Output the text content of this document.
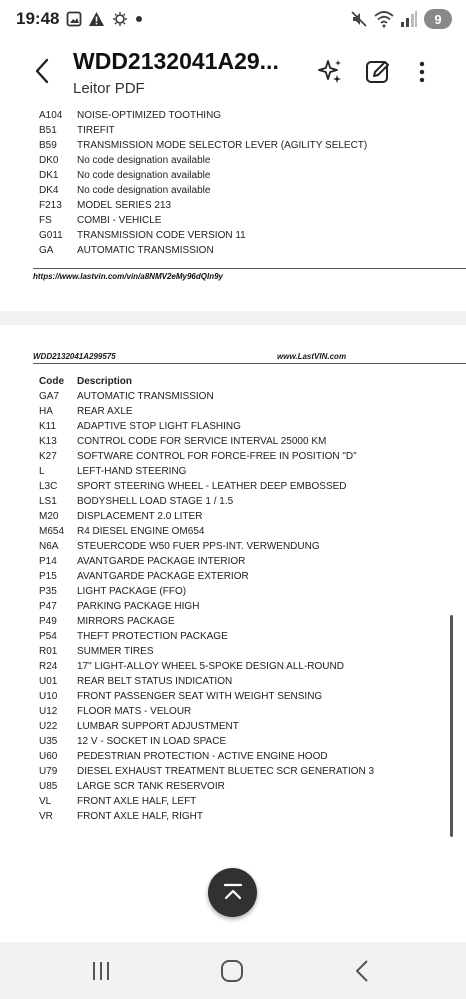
19:48	9
WDD2132041A29...
Leitor PDF
A104 NOISE-OPTIMIZED TOOTHING
B51 TIREFIT
B59 TRANSMISSION MODE SELECTOR LEVER (AGILITY SELECT)
DK0 No code designation available
DK1 No code designation available
DK4 No code designation available
F213 MODEL SERIES 213
FS	COMBI - VEHICLE
G011 TRANSMISSION CODE VERSION 11
GA AUTOMATIC TRANSMISSION
https://www.lastvin.com/vin/a8NMV2eMy96dQln9y
WDD2132041A299575	www.LastVIN.com
Code Description
GA7 AUTOMATIC TRANSMISSION
HA REAR AXLE
K11 ADAPTIVE STOP LIGHT FLASHING
K13 CONTROL CODE FOR SERVICE INTERVAL 25000 KM
K27 SOFTWARE CONTROL FOR FORCE-FREE IN POSITION "D"
L	LEFT-HAND STEERING
L3C SPORT STEERING WHEEL - LEATHER DEEP EMBOSSED
LS1 BODYSHELL LOAD STAGE 1 / 1.5
M20 DISPLACEMENT 2.0 LITER
M654 R4 DIESEL ENGINE OM654
N6A STEUERCODE W50 FUER PPS-INT. VERWENDUNG
P14 AVANTGARDE PACKAGE INTERIOR
P15 AVANTGARDE PACKAGE EXTERIOR
P35 LIGHT PACKAGE (FFO)
P47 PARKING PACKAGE HIGH
P49 MIRRORS PACKAGE
P54 THEFT PROTECTION PACKAGE
R01 SUMMER TIRES
R24 17" LIGHT-ALLOY WHEEL 5-SPOKE DESIGN ALL-ROUND
U01 REAR BELT STATUS INDICATION
U10 FRONT PASSENGER SEAT WITH WEIGHT SENSING
U12 FLOOR MATS - VELOUR
U22 LUMBAR SUPPORT ADJUSTMENT
U35 12 V - SOCKET IN LOAD SPACE
U60 PEDESTRIAN PROTECTION - ACTIVE ENGINE HOOD
U79 DIESEL EXHAUST TREATMENT BLUETEC SCR GENERATION 3
U85 LARGE SCR TANK RESERVOIR
VL	FRONT AXLE HALF, LEFT
VR FRONT AXLE HALF, RIGHT
